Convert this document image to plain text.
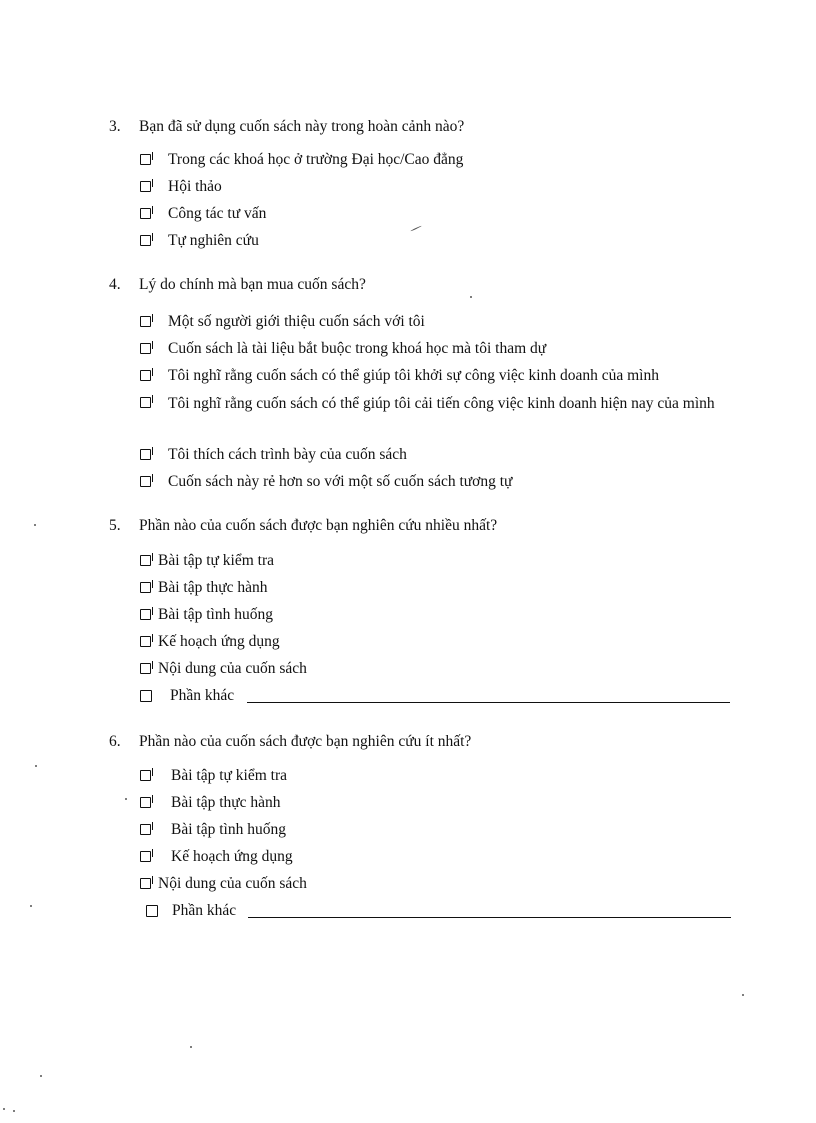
3. Bạn đã sử dụng cuốn sách này trong hoàn cảnh nào?
Trong các khoá học ở trường Đại học/Cao đẳng
Hội thảo
Công tác tư vấn
Tự nghiên cứu
4. Lý do chính mà bạn mua cuốn sách?
Một số người giới thiệu cuốn sách với tôi
Cuốn sách là tài liệu bắt buộc trong khoá học mà tôi tham dự
Tôi nghĩ rằng cuốn sách có thể giúp tôi khởi sự công việc kinh doanh của mình
Tôi nghĩ rằng cuốn sách có thể giúp tôi cải tiến công việc kinh doanh hiện nay của mình
Tôi thích cách trình bày của cuốn sách
Cuốn sách này rẻ hơn so với một số cuốn sách tương tự
5. Phần nào của cuốn sách được bạn nghiên cứu nhiều nhất?
Bài tập tự kiểm tra
Bài tập thực hành
Bài tập tình huống
Kế hoạch ứng dụng
Nội dung của cuốn sách
Phần khác
6. Phần nào của cuốn sách được bạn nghiên cứu ít nhất?
Bài tập tự kiểm tra
Bài tập thực hành
Bài tập tình huống
Kế hoạch ứng dụng
Nội dung của cuốn sách
Phần khác
